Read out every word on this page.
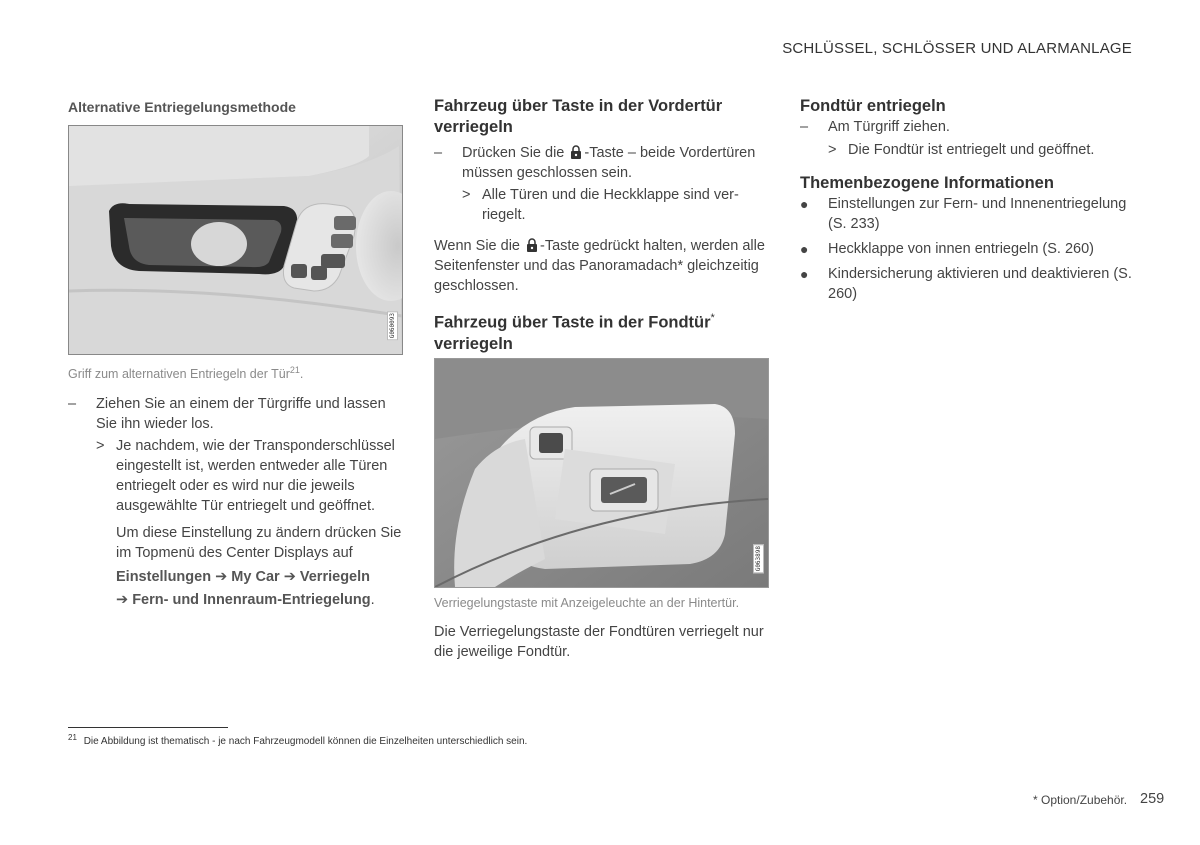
SCHLÜSSEL, SCHLÖSSER UND ALARMANLAGE
Alternative Entriegelungsmethode
G060093
Griff zum alternativen Entriegeln der Tür$^{21}$.
– Ziehen Sie an einem der Türgriffe und lassen Sie ihn wieder los.
> Je nachdem, wie der Transponderschlüssel eingestellt ist, werden entweder alle Türen entriegelt oder es wird nur die jeweils ausgewählte Tür entriegelt und geöffnet.
Um diese Einstellung zu ändern drücken Sie im Topmenü des Center Displays auf
Einstellungen ➔ My Car ➔ Verriegeln
➔ Fern- und Innenraum-Entriegelung.
Fahrzeug über Taste in der Vordertür verriegeln
– Drücken Sie die -Taste – beide Vordertüren müssen geschlossen sein.
> Alle Türen und die Heckklappe sind verriegelt.
Wenn Sie die -Taste gedrückt halten, werden alle Seitenfenster und das Panoramadach* gleichzeitig geschlossen.
Fahrzeug über Taste in der Fondtür*
verriegeln
G063898
Verriegelungstaste mit Anzeigeleuchte an der Hintertür.
Die Verriegelungstaste der Fondtüren verriegelt nur die jeweilige Fondtür.
Fondtür entriegeln
– Am Türgriff ziehen.
> Die Fondtür ist entriegelt und geöffnet.
Themenbezogene Informationen
● Einstellungen zur Fern- und Innenentriegelung (S. 233)
● Heckklappe von innen entriegeln (S. 260)
● Kindersicherung aktivieren und deaktivieren (S. 260)
$^{21}$ Die Abbildung ist thematisch - je nach Fahrzeugmodell können die Einzelheiten unterschiedlich sein.
* Option/Zubehör. 259
